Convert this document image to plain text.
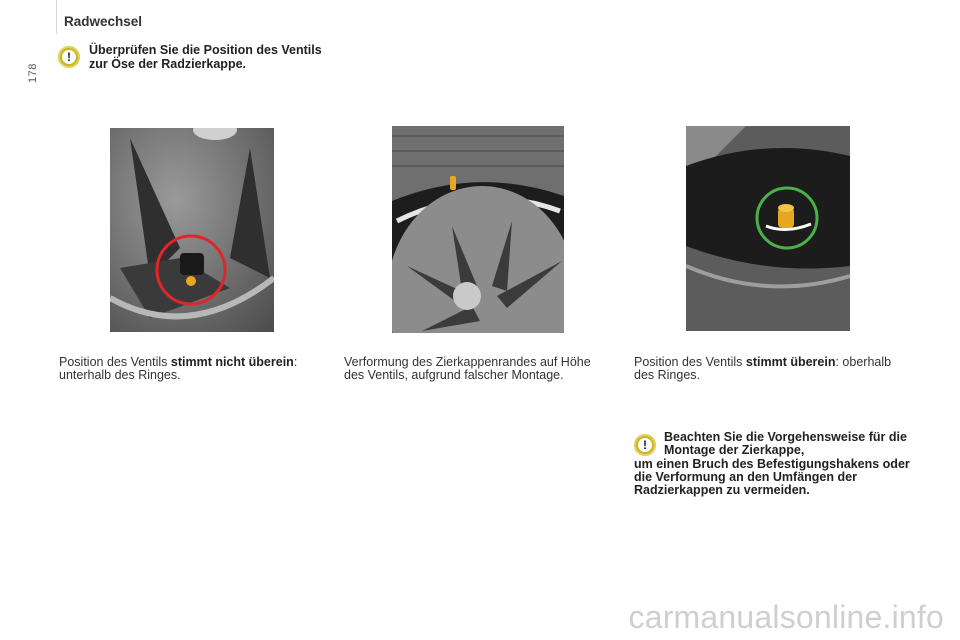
178
Radwechsel
!	Überprüfen Sie die Position des Ventils zur Öse der Radzierkappe.
Position des Ventils stimmt nicht überein: unterhalb des Ringes.
Verformung des Zierkappenrandes auf Höhe des Ventils, aufgrund falscher Montage.
Position des Ventils stimmt überein: oberhalb des Ringes.
!
Beachten Sie die Vorgehensweise für die Montage der Zierkappe,
um einen Bruch des Befestigungshakens oder die Verformung an den Umfängen der Radzierkappen zu vermeiden.
carmanualsonline.info
